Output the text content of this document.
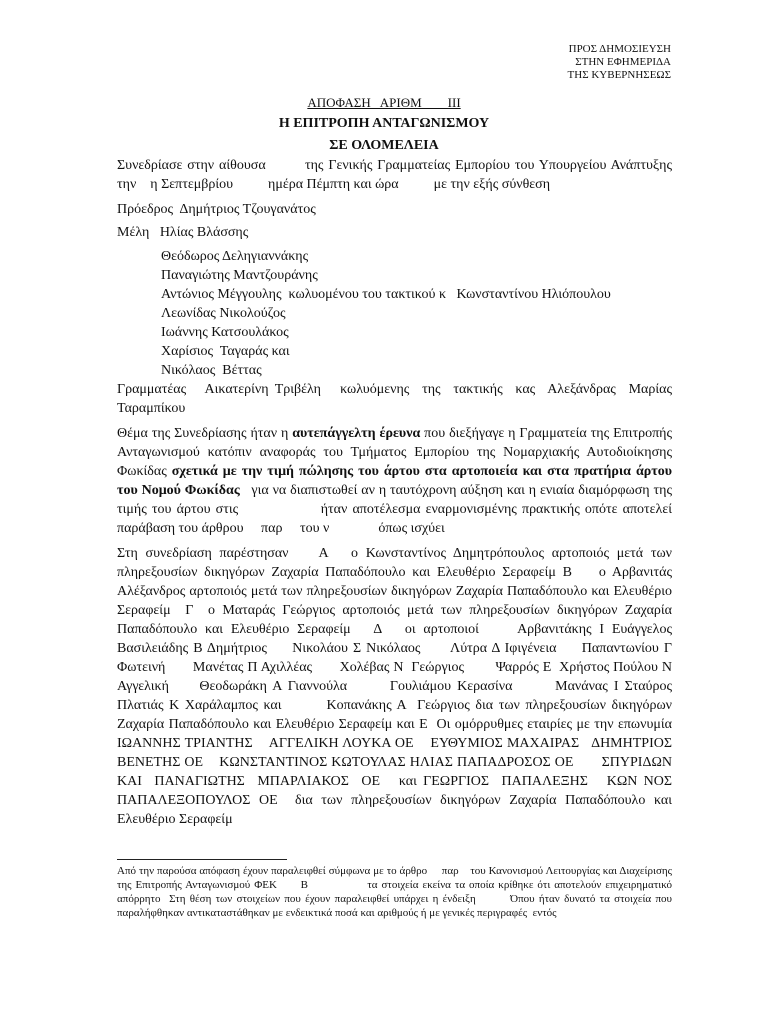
ΠΡΟΣ ΔΗΜΟΣΙΕΥΣΗ
ΣΤΗΝ ΕΦΗΜΕΡΙΔΑ
ΤΗΣ ΚΥΒΕΡΝΗΣΕΩΣ
ΑΠΟΦΑΣΗ   ΑΡΙΘΜ        ΙΙΙ
Η ΕΠΙΤΡΟΠΗ ΑΝΤΑΓΩΝΙΣΜΟΥ
ΣΕ ΟΛΟΜΕΛΕΙΑ

Συνεδρίασε στην αίθουσα        της Γενικής Γραμματείας Εμπορίου του Υπουργείου Ανάπτυξης την    η Σεπτεμβρίου          ημέρα Πέμπτη και ώρα          με την εξής σύνθεση

Πρόεδρος  Δημήτριος Τζουγανάτος

Μέλη   Ηλίας Βλάσσης

Θεόδωρος Δεληγιαννάκης

Παναγιώτης Μαντζουράνης

Αντώνιος Μέγγουλης  κωλυομένου του τακτικού κ   Κωνσταντίνου Ηλιόπουλου

Λεωνίδας Νικολούζος

Ιωάννης Κατσουλάκος

Χαρίσιος  Ταγαράς και

Νικόλαος  Βέττας

Γραμματέας   Αικατερίνη Τριβέλη   κωλυόμενης  της  τακτικής  κας  Αλεξάνδρας  Μαρίας Ταραμπίκου

Θέμα της Συνεδρίασης ήταν η αυτεπάγγελτη έρευνα που διεξήγαγε η Γραμματεία της Επιτροπής Ανταγωνισμού κατόπιν αναφοράς του Τμήματος Εμπορίου της Νομαρχιακής Αυτοδιοίκησης Φωκίδας σχετικά με την τιμή πώλησης του άρτου στα αρτοποιεία και στα πρατήρια άρτου του Νομού Φωκίδας   για να διαπιστωθεί αν η ταυτόχρονη αύξηση και η ενιαία διαμόρφωση της τιμής του άρτου στις                ήταν αποτέλεσμα εναρμονισμένης πρακτικής οπότε αποτελεί παράβαση του άρθρου     παρ     του ν              όπως ισχύει

Στη συνεδρίαση παρέστησαν    Α   ο Κωνσταντίνος Δημητρόπουλος αρτοποιός μετά των πληρεξουσίων δικηγόρων Ζαχαρία Παπαδόπουλο και Ελευθέριο Σεραφείμ Β    ο Αρβανιτάς Αλέξανδρος αρτοποιός μετά των πληρεξουσίων δικηγόρων Ζαχαρία Παπαδόπουλο και Ελευθέριο Σεραφείμ  Γ  ο Ματαράς Γεώργιος αρτοποιός μετά των πληρεξουσίων δικηγόρων Ζαχαρία Παπαδόπουλο και Ελευθέριο Σεραφείμ   Δ   οι αρτοποιοί     Αρβανιτάκης Ι Ευάγγελος    Βασιλειάδης Β Δημήτριος     Νικολάου Σ Νικόλαος      Λύτρα Δ Ιφιγένεια     Παπαντωνίου Γ Φωτεινή       Μανέτας Π Αχιλλέας       Χολέβας Ν  Γεώργιος        Ψαρρός Ε  Χρήστος Πούλου Ν Αγγελική     Θεοδωράκη Α Γιαννούλα       Γουλιάμου Κερασίνα       Μανάνας Ι Σταύρος       Πλατιάς Κ Χαράλαμπος και        Κοπανάκης Α  Γεώργιος δια των πληρεξουσίων δικηγόρων Ζαχαρία Παπαδόπουλο και Ελευθέριο Σεραφείμ και Ε  Οι ομόρρυθμες εταιρίες με την επωνυμία    ΙΩΑΝΝΗΣ ΤΡΙΑΝΤΗΣ    ΑΓΓΕΛΙΚΗ ΛΟΥΚΑ ΟΕ    ΕΥΘΥΜΙΟΣ ΜΑΧΑΙΡΑΣ   ΔΗΜΗΤΡΙΟΣ ΒΕΝΕΤΗΣ ΟΕ    ΚΩΝΣΤΑΝΤΙΝΟΣ ΚΩΤΟΥΛΑΣ ΗΛΙΑΣ ΠΑΠΑΔΡΟΣΟΣ ΟΕ       ΣΠΥΡΙΔΩΝ  ΚΑΙ  ΠΑΝΑΓΙΩΤΗΣ  ΜΠΑΡΛΙΑΚΟΣ  ΟΕ   και ΓΕΩΡΓΙΟΣ  ΠΑΠΑΛΕΞΗΣ   ΚΩΝ ΝΟΣ ΠΑΠΑΛΕΞΟΠΟΥΛΟΣ ΟΕ  δια των πληρεξουσίων δικηγόρων Ζαχαρία Παπαδόπουλο και Ελευθέριο Σεραφείμ

Από την παρούσα απόφαση έχουν παραλειφθεί σύμφωνα με το άρθρο     παρ    του Κανονισμού Λειτουργίας και Διαχείρισης της Επιτροπής Ανταγωνισμού ΦΕΚ      Β               τα στοιχεία εκείνα τα οποία κρίθηκε ότι αποτελούν επιχειρηματικό απόρρητο  Στη θέση των στοιχείων που έχουν παραλειφθεί υπάρχει η ένδειξη        Όπου ήταν δυνατό τα στοιχεία που παραλήφθηκαν αντικαταστάθηκαν με ενδεικτικά ποσά και αριθμούς ή με γενικές περιγραφές  εντός
